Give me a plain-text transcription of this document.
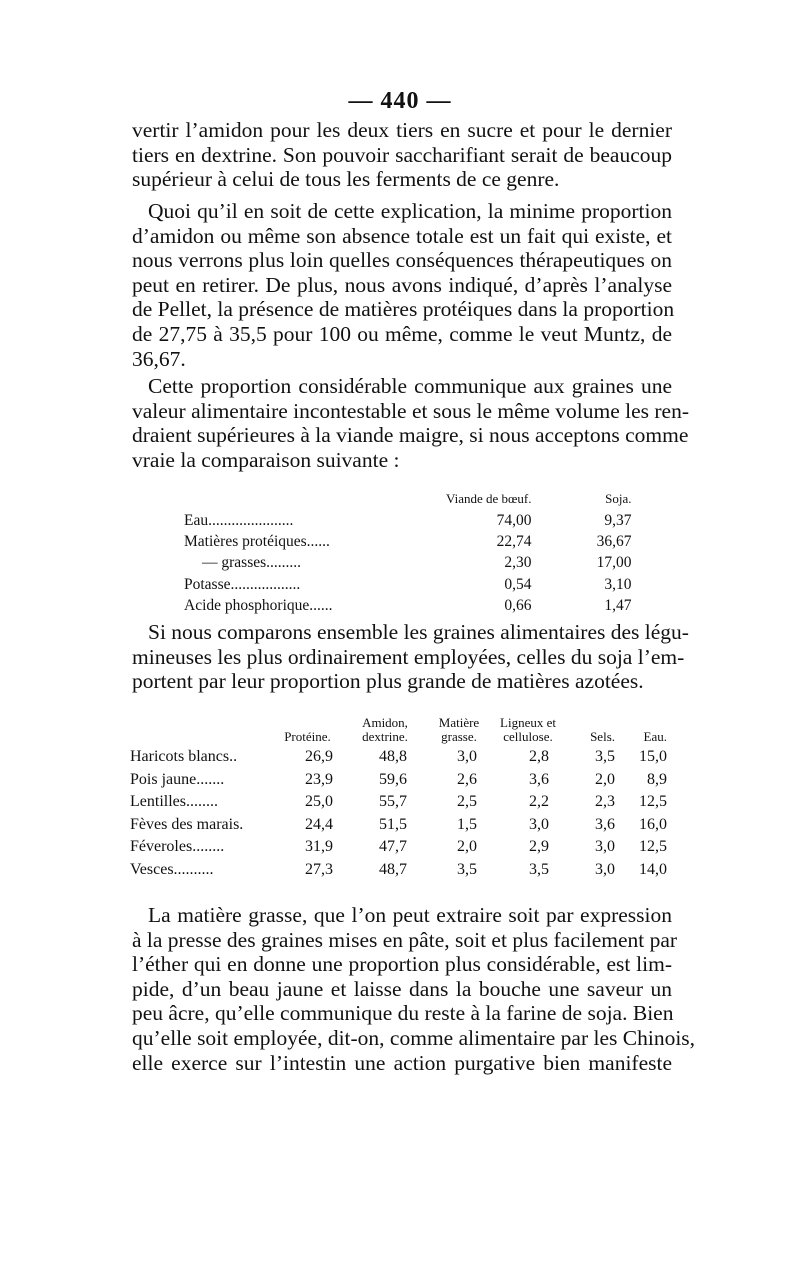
— 440 —

vertir l’amidon pour les deux tiers en sucre et pour le dernier
tiers en dextrine. Son pouvoir saccharifiant serait de beaucoup
supérieur à celui de tous les ferments de ce genre.

Quoi qu’il en soit de cette explication, la minime proportion
d’amidon ou même son absence totale est un fait qui existe, et
nous verrons plus loin quelles conséquences thérapeutiques on
peut en retirer. De plus, nous avons indiqué, d’après l’analyse
de Pellet, la présence de matières protéiques dans la proportion
de 27,75 à 35,5 pour 100 ou même, comme le veut Muntz, de
36,67.

Cette proportion considérable communique aux graines une
valeur alimentaire incontestable et sous le même volume les ren-
draient supérieures à la viande maigre, si nous acceptons comme
vraie la comparaison suivante :

	Viande de bœuf.	Soja.
Eau......................	74,00	9,37
Matières protéiques......	22,74	36,67
— grasses.........	2,30	17,00
Potasse..................	0,54	3,10
Acide phosphorique......	0,66	1,47

Si nous comparons ensemble les graines alimentaires des légu-
mineuses les plus ordinairement employées, celles du soja l’em-
portent par leur proportion plus grande de matières azotées.

	Protéine.	Amidon, dextrine.	Matière grasse.	Ligneux et cellulose.	Sels.	Eau.
Haricots blancs..	26,9	48,8	3,0	2,8	3,5	15,0
Pois jaune.......	23,9	59,6	2,6	3,6	2,0	8,9
Lentilles........	25,0	55,7	2,5	2,2	2,3	12,5
Fèves des marais.	24,4	51,5	1,5	3,0	3,6	16,0
Féveroles........	31,9	47,7	2,0	2,9	3,0	12,5
Vesces..........	27,3	48,7	3,5	3,5	3,0	14,0

La matière grasse, que l’on peut extraire soit par expression
à la presse des graines mises en pâte, soit et plus facilement par
l’éther qui en donne une proportion plus considérable, est lim-
pide, d’un beau jaune et laisse dans la bouche une saveur un
peu âcre, qu’elle communique du reste à la farine de soja. Bien
qu’elle soit employée, dit-on, comme alimentaire par les Chinois,
elle exerce sur l’intestin une action purgative bien manifeste
